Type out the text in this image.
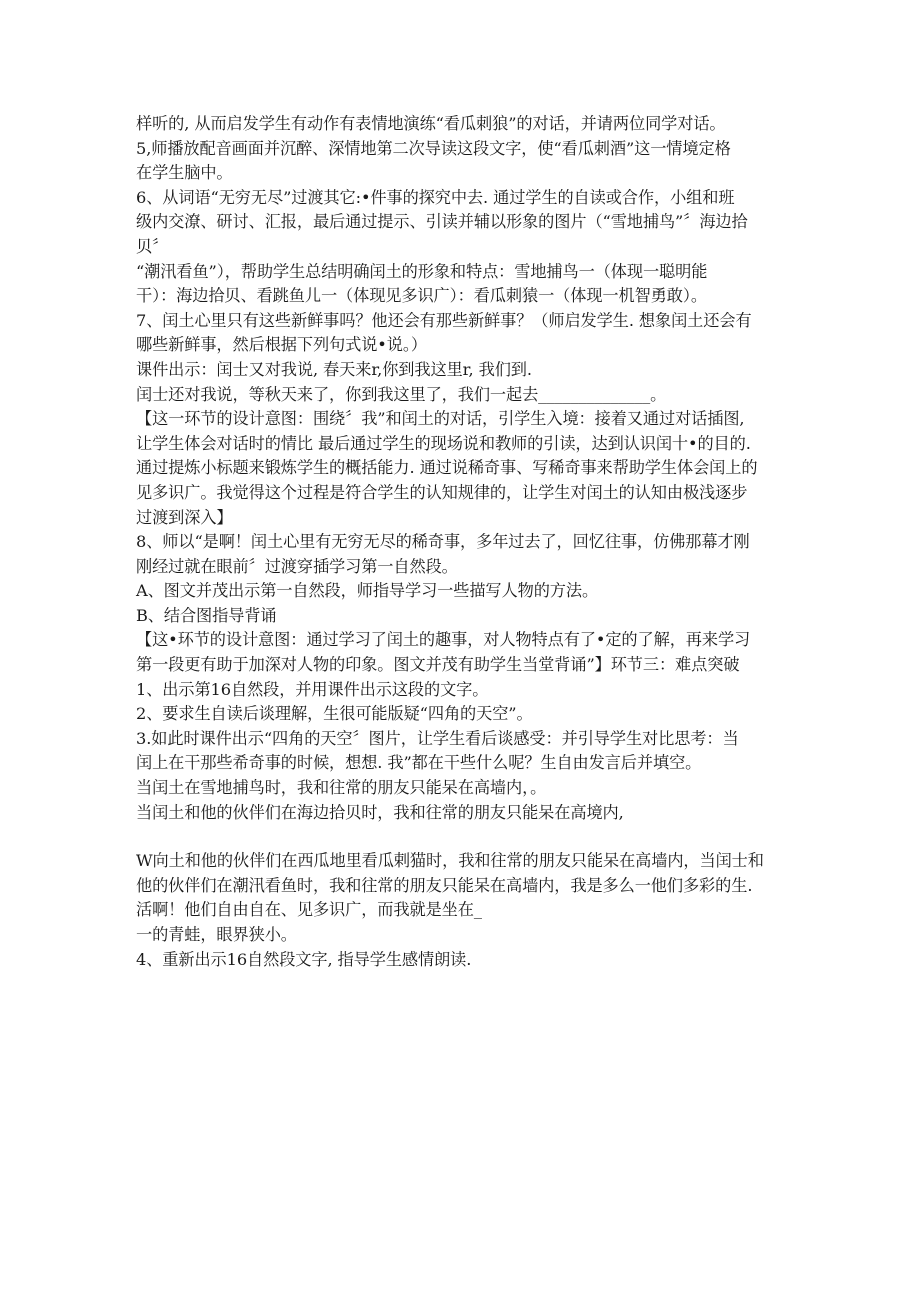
样听的, 从而启发学生有动作有表情地演练“看瓜刺狼”的对话，并请两位同学对话。
5,师播放配音画面并沉醉、深情地第二次导读这段文字，使“看瓜刺酒”这一情境定格
在学生脑中。
6、从词语“无穷无尽”过渡其它:•件事的探究中去. 通过学生的自读或合作，小组和班
级内交潦、研讨、汇报，最后通过提示、引读并辅以形象的图片（“雪地捕鸟”〞海边拾
贝〞
“潮汛看鱼”），帮助学生总结明确闰土的形象和特点：雪地捕鸟一（体现一聪明能
干）：海边拾贝、看跳鱼儿一（体现见多识广）：看瓜刺猿一（体现一机智勇敢）。
7、闰土心里只有这些新鲜事吗？他还会有那些新鲜事？（师启发学生. 想象闰土还会有
哪些新鲜事，然后根据下列句式说•说。）
课件出示：闰士又对我说, 春天来r,你到我这里r, 我们到.
闰士还对我说，等秋天来了，你到我这里了，我们一起去______________。
【这一环节的设计意图：围绕〞我”和闰土的对话，引学生入境：接着又通过对话插图,
让学生体会对话时的情比 最后通过学生的现场说和教师的引读，达到认识闰十•的目的.
通过提炼小标题来锻炼学生的概括能力. 通过说稀奇事、写稀奇事来帮助学生体会闰上的
见多识广。我觉得这个过程是符合学生的认知规律的，让学生对闰土的认知由极浅逐步
过渡到深入】
8、师以“是啊！闰土心里有无穷无尽的稀奇事，多年过去了，回忆往事，仿佛那幕才刚
刚经过就在眼前〞过渡穿插学习第一自然段。
A、图文并茂出示第一自然段，师指导学习一些描写人物的方法。
B、结合图指导背诵
【这•环节的设计意图：通过学习了闰土的趣事，对人物特点有了•定的了解，再来学习
第一段更有助于加深对人物的印象。图文并茂有助学生当堂背诵”】环节三：难点突破
1、出示第16自然段，并用课件出示这段的文字。
2、要求生自读后谈理解，生很可能版疑“四角的天空”。
3.如此时课件出示“四角的天空〞图片，让学生看后谈感受：并引导学生对比思考：当
闰上在干那些希奇事的时候，想想. 我”都在干些什么呢？生自由发言后并填空。
当闰土在雪地捕鸟时，我和往常的朋友只能呆在高墙内，。
当闰土和他的伙伴们在海边拾贝时，我和往常的朋友只能呆在高境内,
W向土和他的伙伴们在西瓜地里看瓜剌猫时，我和往常的朋友只能呆在高墙内，当闰士和
他的伙伴们在潮汛看鱼时，我和往常的朋友只能呆在高墙内，我是多么一他们多彩的生.
活啊！他们自由自在、见多识广，而我就是坐在_
一的青蛙，眼界狭小。
4、重新出示16自然段文字, 指导学生感情朗读.
